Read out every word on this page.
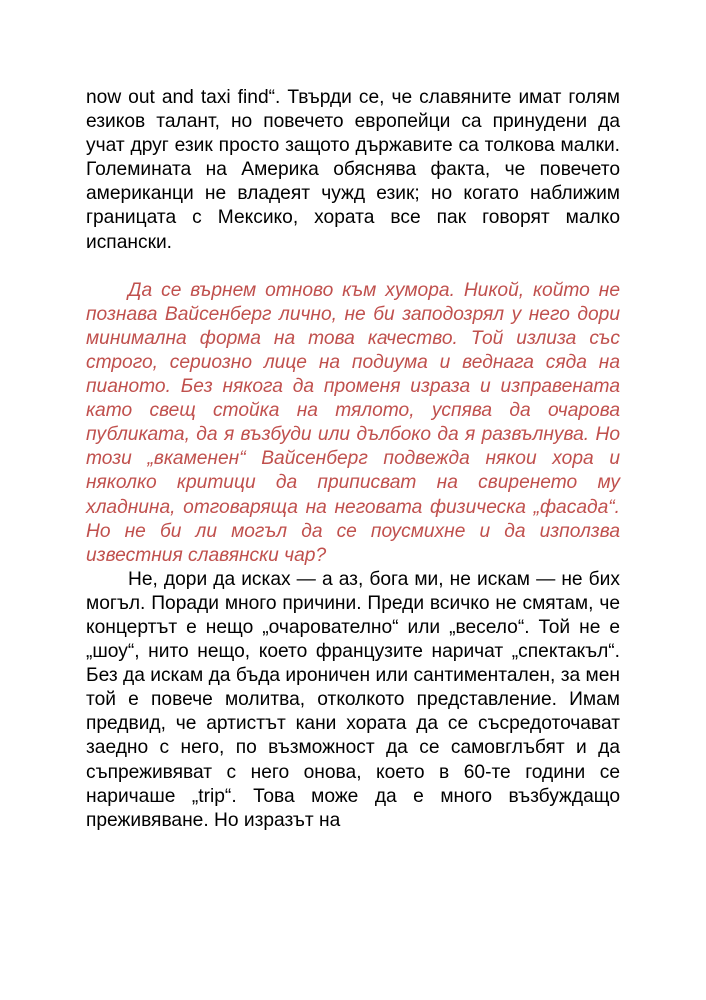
now out and taxi find“. Твърди се, че славяните имат голям езиков талант, но повечето европейци са принудени да учат друг език просто защото държавите са толкова малки. Големината на Америка обяснява факта, че повечето американци не владеят чужд език; но когато наближим границата с Мексико, хората все пак говорят малко испански.

Да се върнем отново към хумора. Никой, който не познава Вайсенберг лично, не би заподозрял у него дори минимална форма на това качество. Той излиза със строго, сериозно лице на подиума и веднага сяда на пианото. Без някога да променя израза и изправената като свещ стойка на тялото, успява да очарова публиката, да я възбуди или дълбоко да я развълнува. Но този „вкаменен“ Вайсенберг подвежда някои хора и няколко критици да приписват на свиренето му хладнина, отговаряща на неговата физическа „фасада“. Но не би ли могъл да се поусмихне и да използва известния славянски чар?

Не, дори да исках — а аз, бога ми, не искам — не бих могъл. Поради много причини. Преди всичко не смятам, че концертът е нещо „очарователно“ или „весело“. Той не е „шоу“, нито нещо, което французите наричат „спектакъл“. Без да искам да бъда ироничен или сантиментален, за мен той е повече молитва, отколкото представление. Имам предвид, че артистът кани хората да се съсредоточават заедно с него, по възможност да се самовглъбят и да съпреживяват с него онова, което в 60-те години се наричаше „trip“. Това може да е много възбуждащо преживяване. Но изразът на
